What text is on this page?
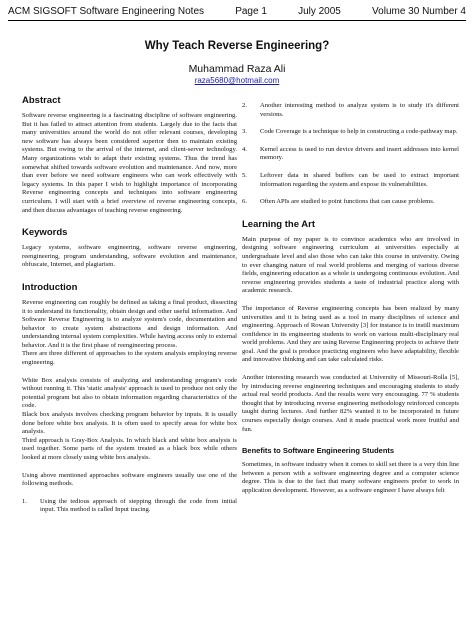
ACM SIGSOFT Software Engineering Notes	Page 1	July 2005	Volume 30 Number 4
Why Teach Reverse Engineering?
Muhammad Raza Ali
raza5680@hotmail.com
Abstract

Software reverse engineering is a fascinating discipline of software engineering. But it has failed to attract attention from students. Largely due to the facts that many universities around the world do not offer relevant courses, developing new software has always been considered superior then to maintain existing systems. But owing to the arrival of the internet, and client-server technology. Many organizations wish to adapt their existing systems. Thus the trend has somewhat shifted towards software evolution and maintenance. And now, more than ever before we need software engineers who can work effectively with legacy systems. In this paper I wish to highlight importance of incorporating Reverse engineering concepts and techniques into software engineering curriculum. I will start with a brief overview of reverse engineering concepts, and then discuss advantages of teaching reverse engineering.

Keywords

Legacy systems, software engineering, software reverse engineering, reengineering, program understanding, software evolution and maintenance, obfuscate, Internet, and plagiarism.

Introduction

Reverse engineering can roughly be defined as taking a final product, dissecting it to understand its functionality, obtain design and other useful information. And Software Reverse Engineering is to analyze system's code, documentation and behavior to create system abstractions and design information. And understanding internal system complexities. While having access only to external behavior. And it is the first phase of reengineering process.

There are three different of approaches to the system analysis employing reverse engineering.

White Box analysis consists of analyzing and understanding program's code without running it. This 'static analysis' approach is used to produce not only the potential program but also to obtain information regarding characteristics of the code.

Black box analysis involves checking program behavior by inputs. It is usually done before white box analysis. It is often used to specify areas for white box analysis.

Third approach is Gray-Box Analysis. In which black and white box analysis is used together. Some parts of the system treated as a black box while others looked at more closely using white box analysis.

Using above mentioned approaches software engineers usually use one of the following methods.

1.	Using the tedious approach of stepping through the code from initial input. This method is called Input tracing.
2.	Another interesting method to analyze system is to study it's different versions.
3.	Code Coverage is a technique to help in constructing a code-pathway map.
4.	Kernel access is used to run device drivers and insert addresses into kernel memory.
5.	Leftover data in shared buffers can be used to extract important information regarding the system and expose its vulnerabilities.
6.	Often APIs are studied to point functions that can cause problems.
Learning the Art

Main purpose of my paper is to convince academics who are involved in designing software engineering curriculum at universities especially at undergraduate level and also those who can take this course in university. Owing to ever changing nature of real world problems and merging of various diverse fields, engineering education as a whole is undergoing continuous evolution. And reverse engineering provides students a taste of industrial practice along with academic research.

The importance of Reverse engineering concepts has been realized by many universities and it is being used as a tool in many disciplines of science and engineering. Approach of Rowan University [3] for instance is to instill maximum confidence in its engineering students to work on various multi-disciplinary real world problems. And they are using Reverse Engineering projects to achieve their goal. And the goal is produce practicing engineers who have adaptability, flexible and innovative thinking and can take calculated risks.

Another interesting research was conducted at University of Missouri-Rolla [5], by introducing reverse engineering techniques and encouraging students to study actual real world products. And the results were very encouraging. 77 % students thought that by introducing reverse engineering methodology reinforced concepts taught during lectures. And further 82% wanted it to be incorporated in future courses especially design courses. And it made practical work more fruitful and fun.

Benefits to Software Engineering Students

Sometimes, in software industry when it comes to skill set there is a very thin line between a person with a software engineering degree and a computer science degree. This is due to the fact that many software engineers prefer to work in application development. However, as a software engineer I have always felt
